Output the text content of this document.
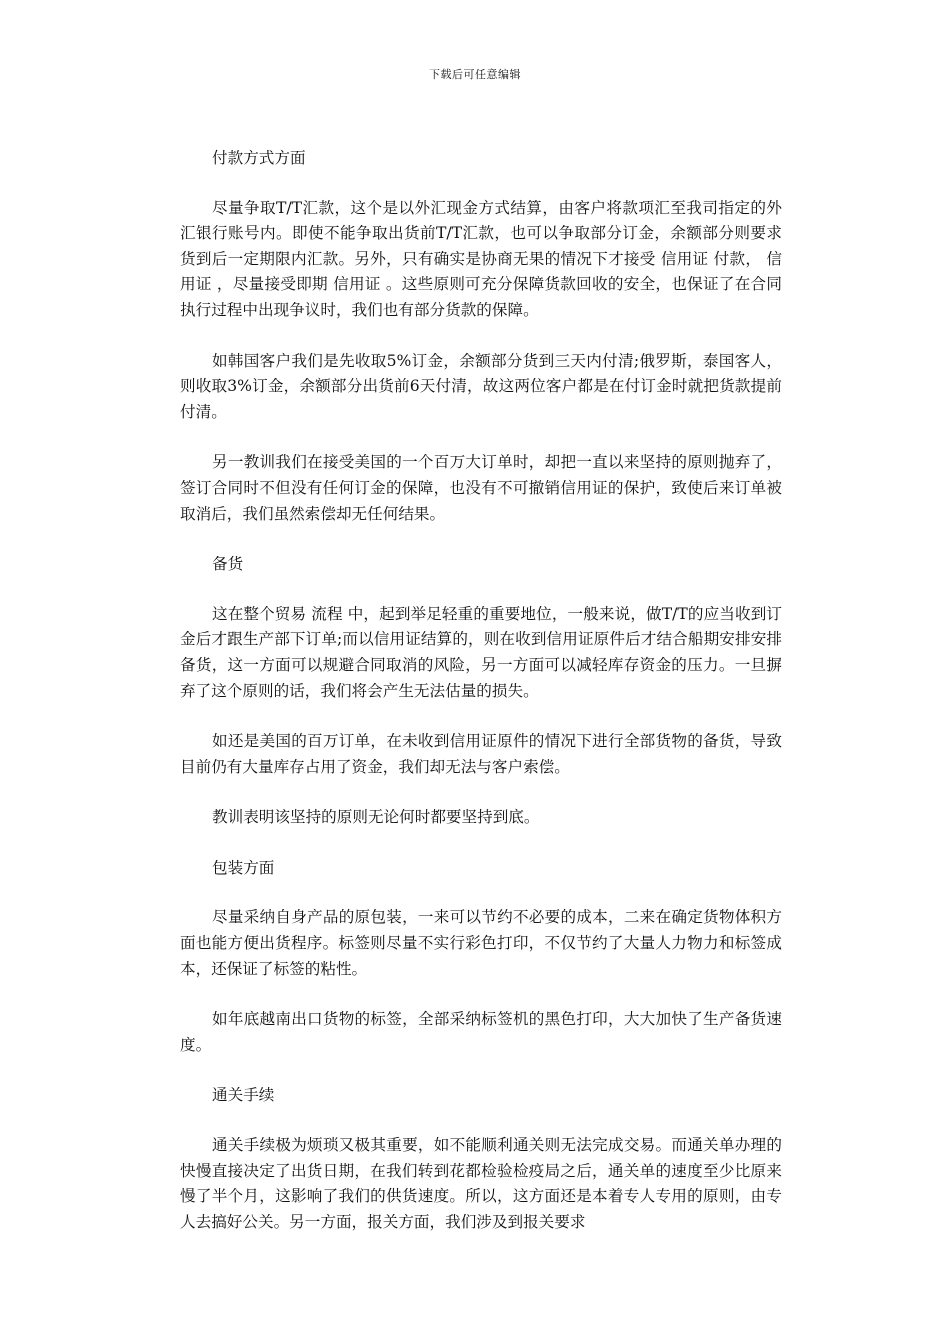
下载后可任意编辑

付款方式方面

尽量争取T/T汇款，这个是以外汇现金方式结算，由客户将款项汇至我司指定的外汇银行账号内。即使不能争取出货前T/T汇款，也可以争取部分订金，余额部分则要求货到后一定期限内汇款。另外，只有确实是协商无果的情况下才接受 信用证 付款， 信用证 ，尽量接受即期 信用证 。这些原则可充分保障货款回收的安全，也保证了在合同执行过程中出现争议时，我们也有部分货款的保障。

如韩国客户我们是先收取5%订金，余额部分货到三天内付清;俄罗斯，泰国客人，则收取3%订金，余额部分出货前6天付清，故这两位客户都是在付订金时就把货款提前付清。

另一教训我们在接受美国的一个百万大订单时，却把一直以来坚持的原则抛弃了，签订合同时不但没有任何订金的保障，也没有不可撤销信用证的保护，致使后来订单被取消后，我们虽然索偿却无任何结果。

备货

这在整个贸易 流程 中，起到举足轻重的重要地位，一般来说，做T/T的应当收到订金后才跟生产部下订单;而以信用证结算的，则在收到信用证原件后才结合船期安排安排备货，这一方面可以规避合同取消的风险，另一方面可以减轻库存资金的压力。一旦摒弃了这个原则的话，我们将会产生无法估量的损失。

如还是美国的百万订单，在未收到信用证原件的情况下进行全部货物的备货，导致目前仍有大量库存占用了资金，我们却无法与客户索偿。

教训表明该坚持的原则无论何时都要坚持到底。

包装方面

尽量采纳自身产品的原包装，一来可以节约不必要的成本，二来在确定货物体积方面也能方便出货程序。标签则尽量不实行彩色打印，不仅节约了大量人力物力和标签成本，还保证了标签的粘性。

如年底越南出口货物的标签，全部采纳标签机的黑色打印，大大加快了生产备货速度。

通关手续

通关手续极为烦琐又极其重要，如不能顺利通关则无法完成交易。而通关单办理的快慢直接决定了出货日期，在我们转到花都检验检疫局之后，通关单的速度至少比原来慢了半个月，这影响了我们的供货速度。所以，这方面还是本着专人专用的原则，由专人去搞好公关。另一方面，报关方面，我们涉及到报关要求
